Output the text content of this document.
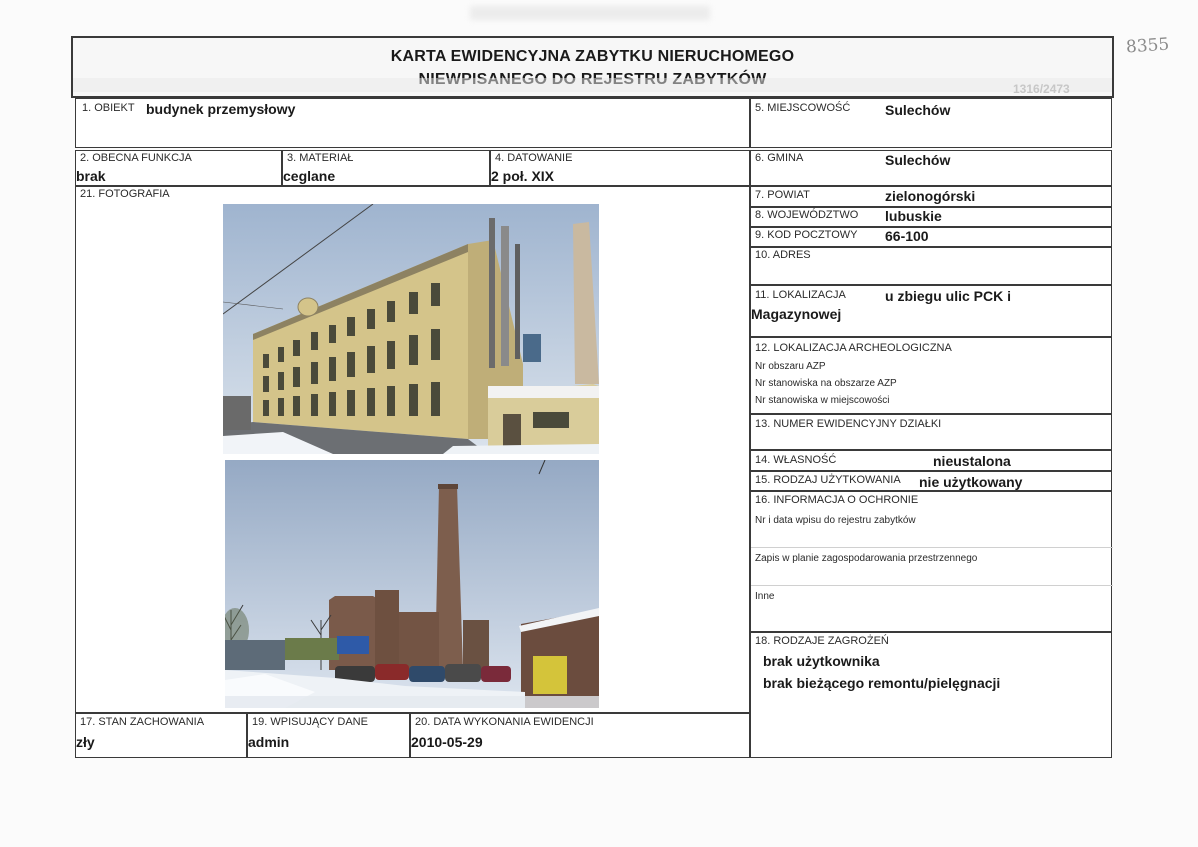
8355
KARTA EWIDENCYJNA ZABYTKU NIERUCHOMEGO
1316/2473
1. OBIEKT budynek przemysłowy	5. MIEJSCOWOŚĆ Sulechów
2. OBECNA FUNKCJA
brak
3. MATERIAŁ
ceglane
4. DATOWANIE
2 poł. XIX
6. GMINA	Sulechów
21. FOTOGRAFIA	7. POWIAT	zielonogórski
8. WOJEWÓDZTWO lubuskie
9. KOD POCZTOWY 66-100
10. ADRES
11. LOKALIZACJA	u zbiegu ulic PCK i
Magazynowej
12. LOKALIZACJA ARCHEOLOGICZNA
Nr obszaru AZP
Nr stanowiska na obszarze AZP
Nr stanowiska w miejscowości
13. NUMER EWIDENCYJNY DZIAŁKI
14. WŁASNOŚĆ	nieustalona
15. RODZAJ UŻYTKOWANIA nie użytkowany
16. INFORMACJA O OCHRONIE
Nr i data wpisu do rejestru zabytków
Zapis w planie zagospodarowania przestrzennego
Inne
18. RODZAJE ZAGROŻEŃ
brak użytkownika
brak bieżącego remontu/pielęgnacji
17. STAN ZACHOWANIA
zły
19. WPISUJĄCY DANE
admin
20. DATA WYKONANIA EWIDENCJI
2010-05-29
